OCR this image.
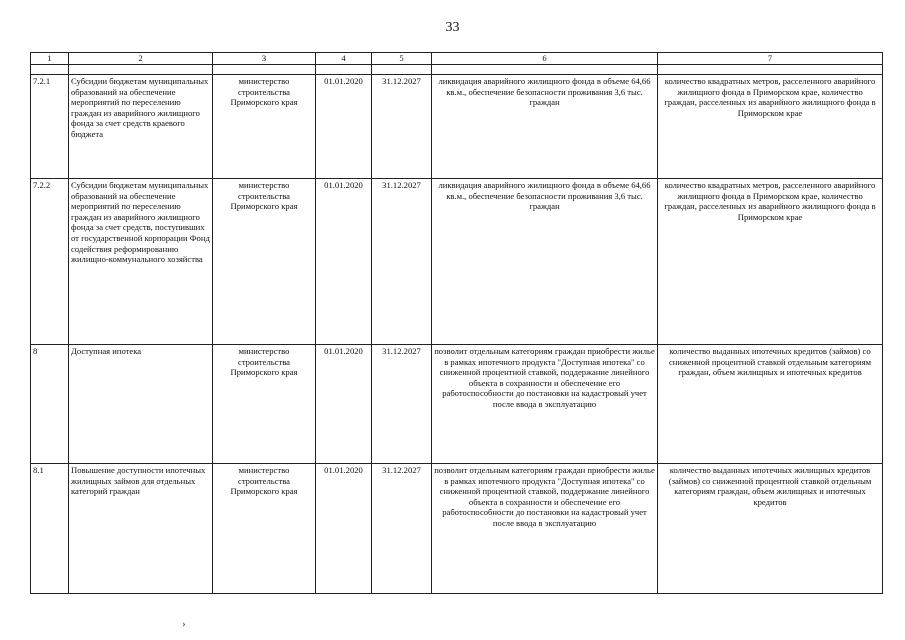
33
1	2	3	4	5	6	7

7.2.1	Субсидии бюджетам муниципальных образований на обеспечение мероприятий по переселению граждан из аварийного жилищного фонда за счет средств краевого бюджета	министерство строительства Приморского края	01.01.2020	31.12.2027	ликвидация аварийного жилищного фонда в объеме 64,66 кв.м., обеспечение безопасности проживания 3,6 тыс. граждан	количество квадратных метров, расселенного аварийного жилищного фонда в Приморском крае, количество граждан, расселенных из аварийного жилищного фонда в Приморском крае
7.2.2	Субсидии бюджетам муниципальных образований на обеспечение мероприятий по переселению граждан из аварийного жилищного фонда за счет средств, поступивших от государственной корпорации Фонд содействия реформированию жилищно-коммунального хозяйства	министерство строительства Приморского края	01.01.2020	31.12.2027	ликвидация аварийного жилищного фонда в объеме 64,66 кв.м., обеспечение безопасности проживания 3,6 тыс. граждан	количество квадратных метров, расселенного аварийного жилищного фонда в Приморском крае, количество граждан, расселенных из аварийного жилищного фонда в Приморском крае
8	Доступная ипотека	министерство строительства Приморского края	01.01.2020	31.12.2027	позволит отдельным категориям граждан приобрести жилье в рамках ипотечного продукта "Доступная ипотека" со сниженной процентной ставкой, поддержание линейного объекта в сохранности и обеспечение его работоспособности до постановки на кадастровый учет после ввода в эксплуатацию	количество выданных ипотечных кредитов (займов) со сниженной процентной ставкой отдельным категориям граждан, объем жилищных и ипотечных кредитов
8.1	Повышение доступности ипотечных жилищных займов для отдельных категорий граждан	министерство строительства Приморского края	01.01.2020	31.12.2027	позволит отдельным категориям граждан приобрести жилье в рамках ипотечного продукта "Доступная ипотека" со сниженной процентной ставкой, поддержание линейного объекта в сохранности и обеспечение его работоспособности до постановки на кадастровый учет после ввода в эксплуатацию	количество выданных ипотечных жилищных кредитов (займов) со сниженной процентной ставкой отдельным категориям граждан, объем жилищных и ипотечных кредитов
›
